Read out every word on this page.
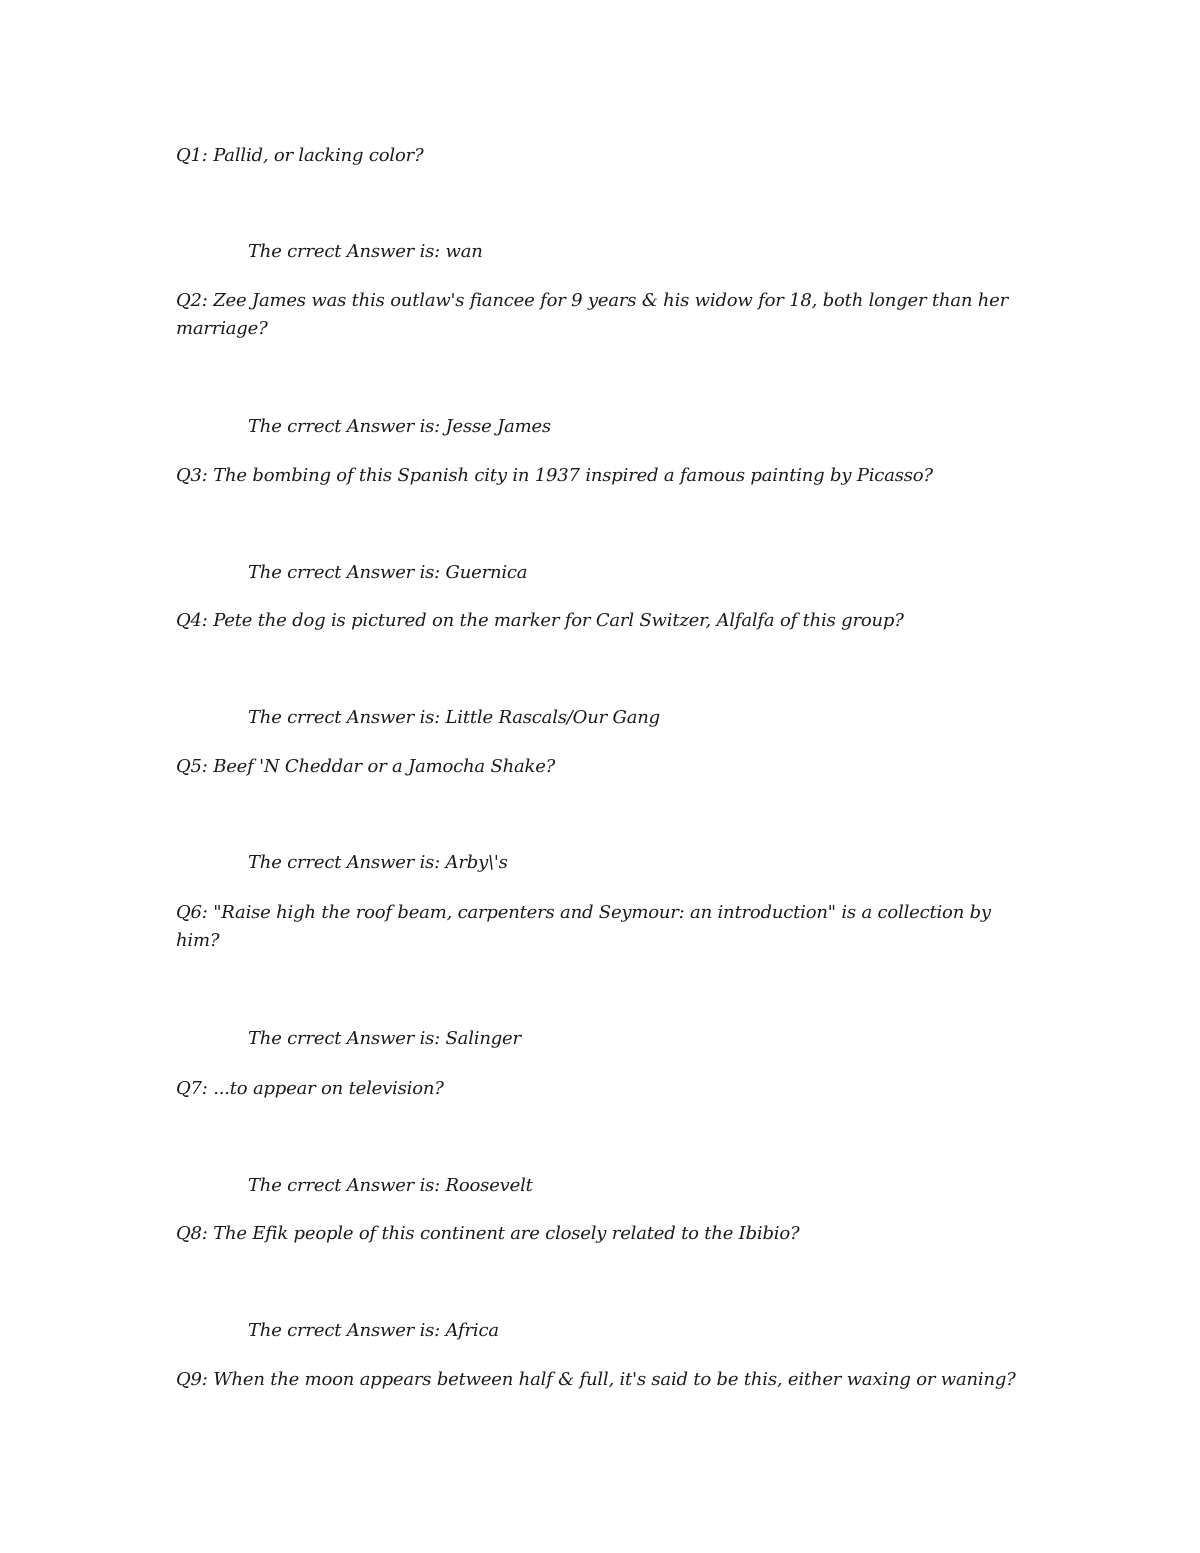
Q1: Pallid, or lacking color?
The crrect Answer is: wan
Q2: Zee James was this outlaw's fiancee for 9 years & his widow for 18, both longer than her marriage?
The crrect Answer is: Jesse James
Q3: The bombing of this Spanish city in 1937 inspired a famous painting by Picasso?
The crrect Answer is: Guernica
Q4: Pete the dog is pictured on the marker for Carl Switzer, Alfalfa of this group?
The crrect Answer is: Little Rascals/Our Gang
Q5: Beef 'N Cheddar or a Jamocha Shake?
The crrect Answer is: Arby\'s
Q6: "Raise high the roof beam, carpenters and Seymour: an introduction" is a collection by him?
The crrect Answer is: Salinger
Q7: ...to appear on television?
The crrect Answer is: Roosevelt
Q8: The Efik people of this continent are closely related to the Ibibio?
The crrect Answer is: Africa
Q9: When the moon appears between half & full, it's said to be this, either waxing or waning?
